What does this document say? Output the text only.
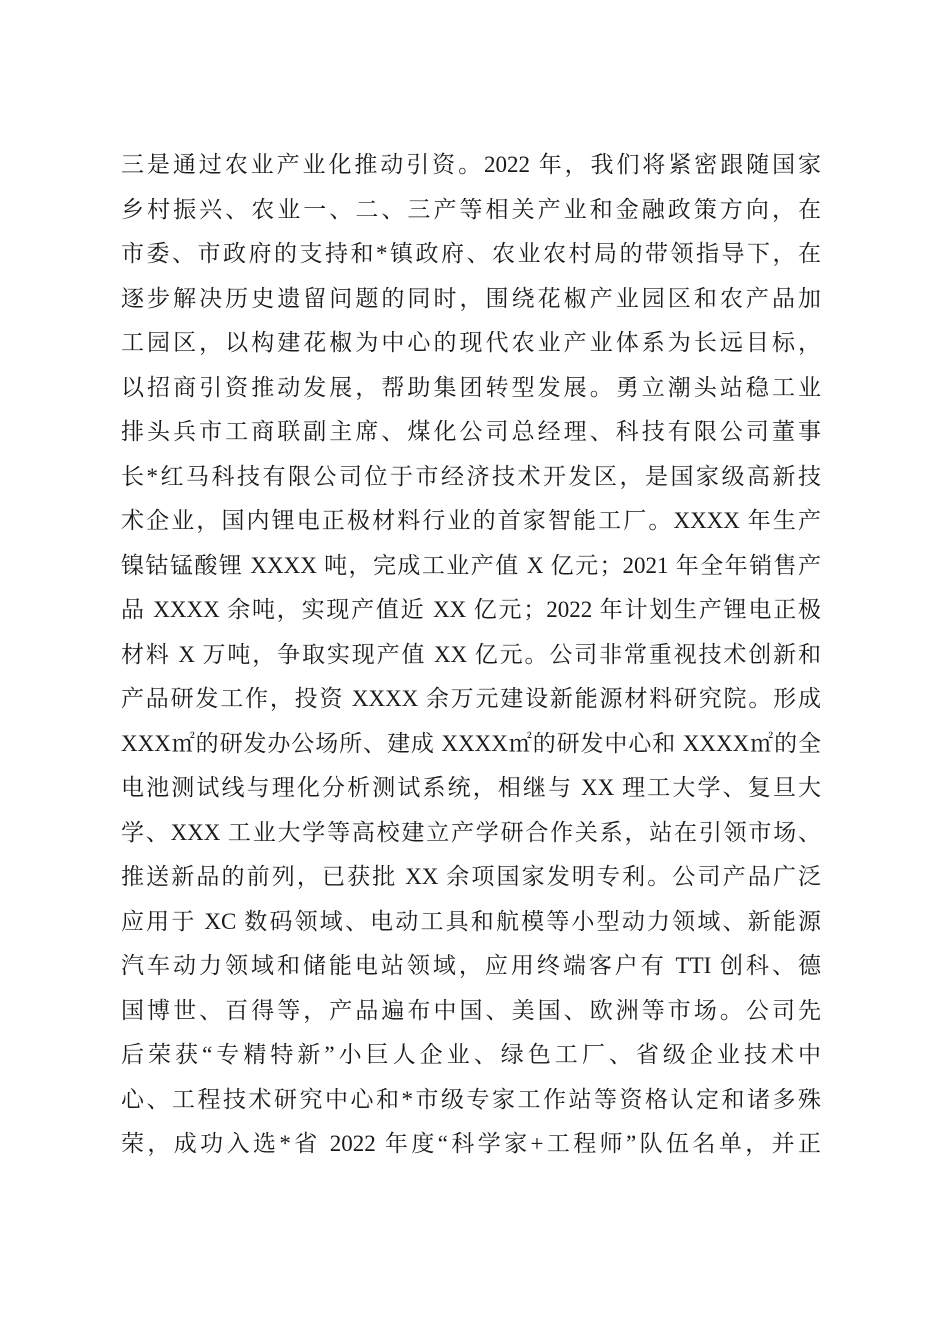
三是通过农业产业化推动引资。2022 年，我们将紧密跟随国家
乡村振兴、农业一、二、三产等相关产业和金融政策方向，在
市委、市政府的支持和*镇政府、农业农村局的带领指导下，在
逐步解决历史遗留问题的同时，围绕花椒产业园区和农产品加
工园区，以构建花椒为中心的现代农业产业体系为长远目标，
以招商引资推动发展，帮助集团转型发展。勇立潮头站稳工业
排头兵市工商联副主席、煤化公司总经理、科技有限公司董事
长*红马科技有限公司位于市经济技术开发区，是国家级高新技
术企业，国内锂电正极材料行业的首家智能工厂。XXXX 年生产
镍钴锰酸锂 XXXX 吨，完成工业产值 X 亿元；2021 年全年销售产
品 XXXX 余吨，实现产值近 XX 亿元；2022 年计划生产锂电正极
材料 X 万吨，争取实现产值 XX 亿元。公司非常重视技术创新和
产品研发工作，投资 XXXX 余万元建设新能源材料研究院。形成
XXX㎡的研发办公场所、建成 XXXX㎡的研发中心和 XXXX㎡的全
电池测试线与理化分析测试系统，相继与 XX 理工大学、复旦大
学、XXX 工业大学等高校建立产学研合作关系，站在引领市场、
推送新品的前列，已获批 XX 余项国家发明专利。公司产品广泛
应用于 XC 数码领域、电动工具和航模等小型动力领域、新能源
汽车动力领域和储能电站领域，应用终端客户有 TTI 创科、德
国博世、百得等，产品遍布中国、美国、欧洲等市场。公司先
后荣获“专精特新”小巨人企业、绿色工厂、省级企业技术中
心、工程技术研究中心和*市级专家工作站等资格认定和诸多殊
荣，成功入选*省 2022 年度“科学家+工程师”队伍名单，并正
